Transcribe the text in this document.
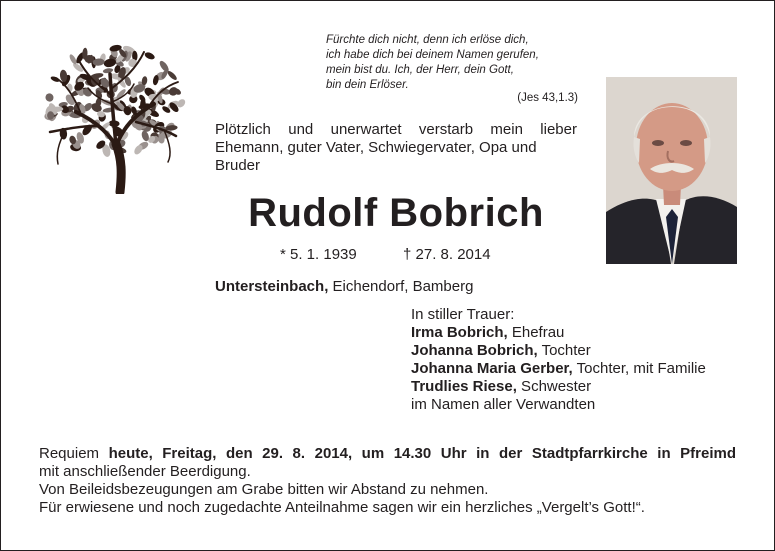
Fürchte dich nicht, denn ich erlöse dich,
ich habe dich bei deinem Namen gerufen,
mein bist du. Ich, der Herr, dein Gott,
bin dein Erlöser.
(Jes 43,1.3)
Plötzlich und unerwartet verstarb mein lieber Ehemann, guter Vater, Schwiegervater, Opa und
Bruder
Rudolf Bobrich
* 5. 1. 1939	† 27. 8. 2014
Untersteinbach, Eichendorf, Bamberg
In stiller Trauer:
Irma Bobrich, Ehefrau
Johanna Bobrich, Tochter
Johanna Maria Gerber, Tochter, mit Familie
Trudlies Riese, Schwester
im Namen aller Verwandten
Requiem heute, Freitag, den 29. 8. 2014, um 14.30 Uhr in der Stadtpfarrkirche in Pfreimd
mit anschließender Beerdigung.
Von Beileidsbezeugungen am Grabe bitten wir Abstand zu nehmen.
Für erwiesene und noch zugedachte Anteilnahme sagen wir ein herzliches „Vergelt’s Gott!“.
